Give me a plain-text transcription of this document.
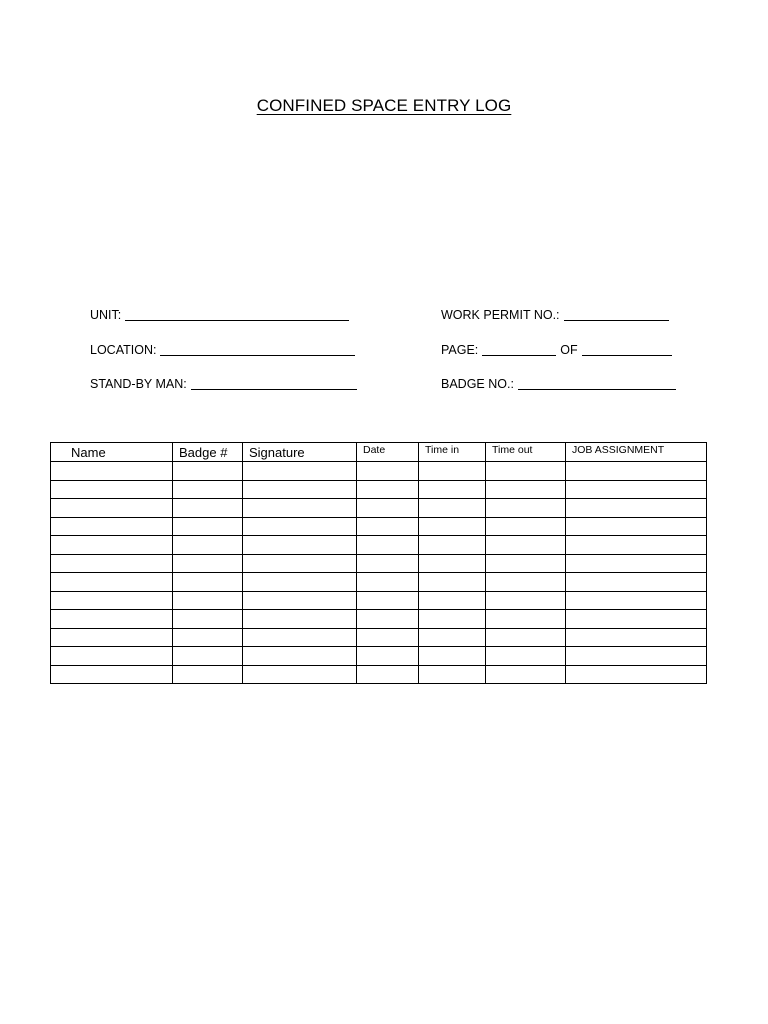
CONFINED SPACE ENTRY LOG
UNIT:
LOCATION:
STAND-BY MAN:
WORK PERMIT NO.:
PAGE:	OF
BADGE NO.:
Name	Badge #	Signature	Date	Time in	Time out	JOB ASSIGNMENT
